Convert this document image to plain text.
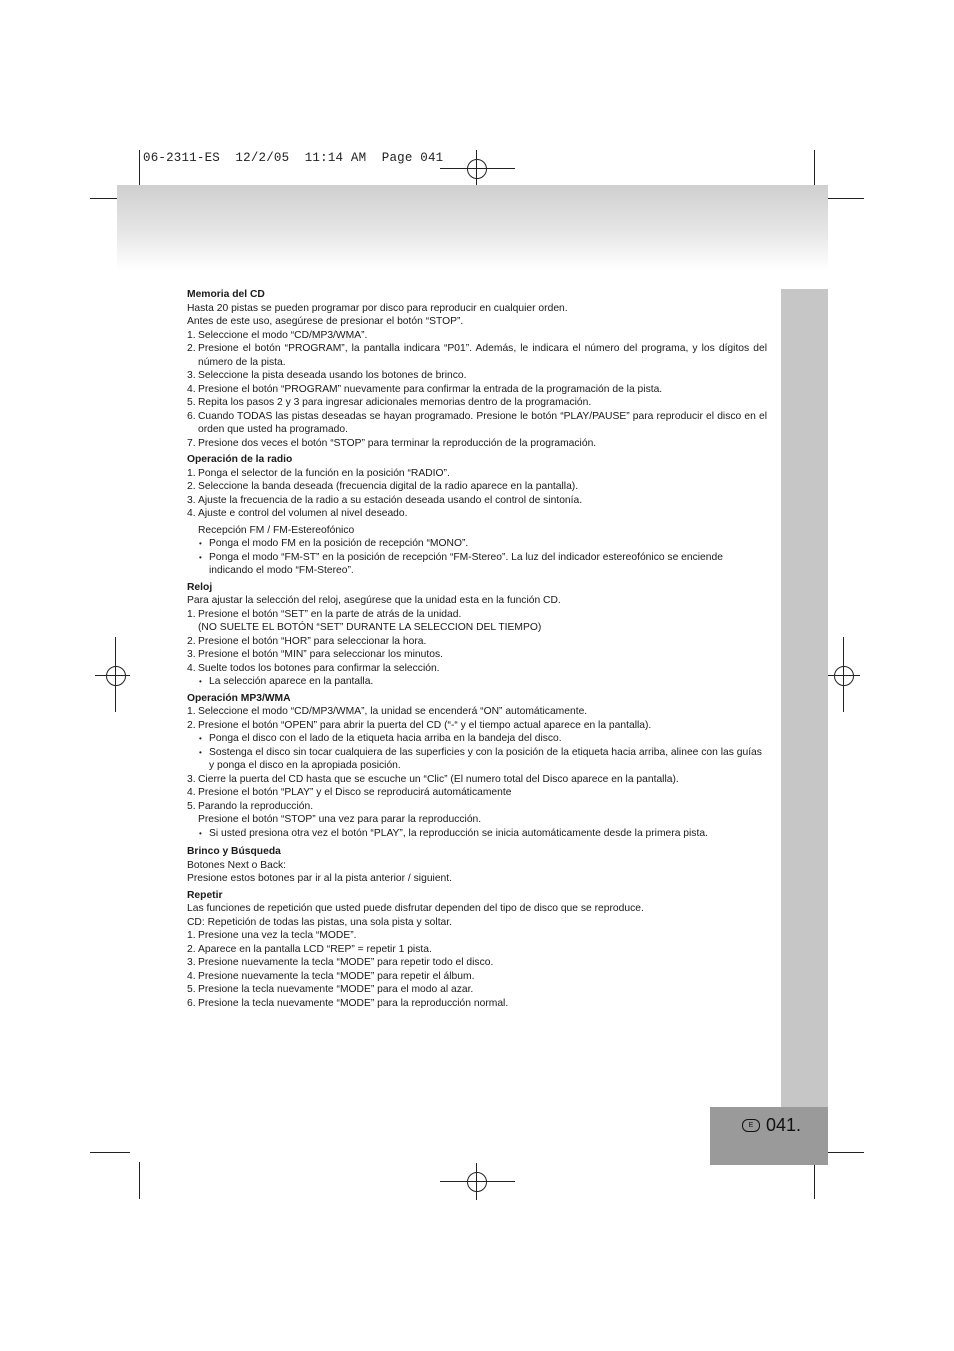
06-2311-ES  12/2/05  11:14 AM  Page 041
E 041.

Memoria del CD

Hasta 20 pistas se pueden programar por disco para reproducir en cualquier orden.

Antes de este uso, asegúrese de presionar el botón “STOP”.

1. Seleccione el modo “CD/MP3/WMA”.
2. Presione el botón “PROGRAM”, la pantalla indicara “P01”. Además, le indicara el número del programa, y los dígitos del número de la pista.
3. Seleccione la pista deseada usando los botones de brinco.
4. Presione el botón “PROGRAM” nuevamente para confirmar la entrada de la programación de la pista.
5. Repita los pasos 2 y 3 para ingresar adicionales memorias dentro de la programación.
6. Cuando TODAS las pistas deseadas se hayan programado. Presione le botón “PLAY/PAUSE” para reproducir el disco en el orden que usted ha programado.
7. Presione dos veces el botón “STOP” para terminar la reproducción de la programación.

Operación de la radio

1. Ponga el selector de la función en la posición “RADIO”.
2. Seleccione la banda deseada (frecuencia digital de la radio aparece en la pantalla).
3. Ajuste la frecuencia de la radio a su estación deseada usando el control de sintonía.
4. Ajuste e control del volumen al nivel deseado.

Recepción FM / FM-Estereofónico

• Ponga el modo FM en la posición de recepción “MONO”.
• Ponga el modo “FM-ST” en la posición de recepción “FM-Stereo”. La luz del indicador estereofónico se enciende indicando el modo “FM-Stereo”.

Reloj

Para ajustar la selección del reloj, asegúrese que la unidad esta en la función CD.

1. Presione el botón “SET” en la parte de atrás de la unidad.

(NO SUELTE EL BOTÓN “SET” DURANTE LA SELECCION DEL TIEMPO)

2. Presione el botón “HOR” para seleccionar la hora.
3. Presione el botón “MIN” para seleccionar los minutos.
4. Suelte todos los botones para confirmar la selección.
• La selección aparece en la pantalla.

Operación MP3/WMA

1. Seleccione el modo “CD/MP3/WMA”, la unidad se encenderá “ON” automáticamente.
2. Presione el botón “OPEN” para abrir la puerta del CD (“-“ y el tiempo actual aparece en la pantalla).
• Ponga el disco con el lado de la etiqueta hacia arriba en la bandeja del disco.
• Sostenga el disco sin tocar cualquiera de las superficies y con la posición de la etiqueta hacia arriba, alinee con las guías y ponga el disco en la apropiada posición.
3. Cierre la puerta del CD hasta que se escuche un “Clic” (El numero total del Disco aparece en la pantalla).
4. Presione el botón “PLAY” y el Disco se reproducirá automáticamente
5. Parando la reproducción.

Presione el botón “STOP” una vez para parar la reproducción.

• Si usted presiona otra vez el botón “PLAY”, la reproducción se inicia automáticamente desde la primera pista.

Brinco y Búsqueda

Botones Next o Back:

Presione estos botones par ir al la pista anterior / siguient.

Repetir

Las funciones de repetición que usted puede disfrutar dependen del tipo de disco que se reproduce.

CD: Repetición de todas las pistas, una sola pista y soltar.

1. Presione una vez la tecla “MODE”.
2. Aparece en la pantalla LCD “REP” = repetir 1 pista.
3. Presione nuevamente la tecla “MODE” para repetir todo el disco.
4. Presione nuevamente la tecla “MODE” para repetir el álbum.
5. Presione la tecla nuevamente “MODE” para el modo al azar.
6. Presione la tecla nuevamente “MODE” para la reproducción normal.
